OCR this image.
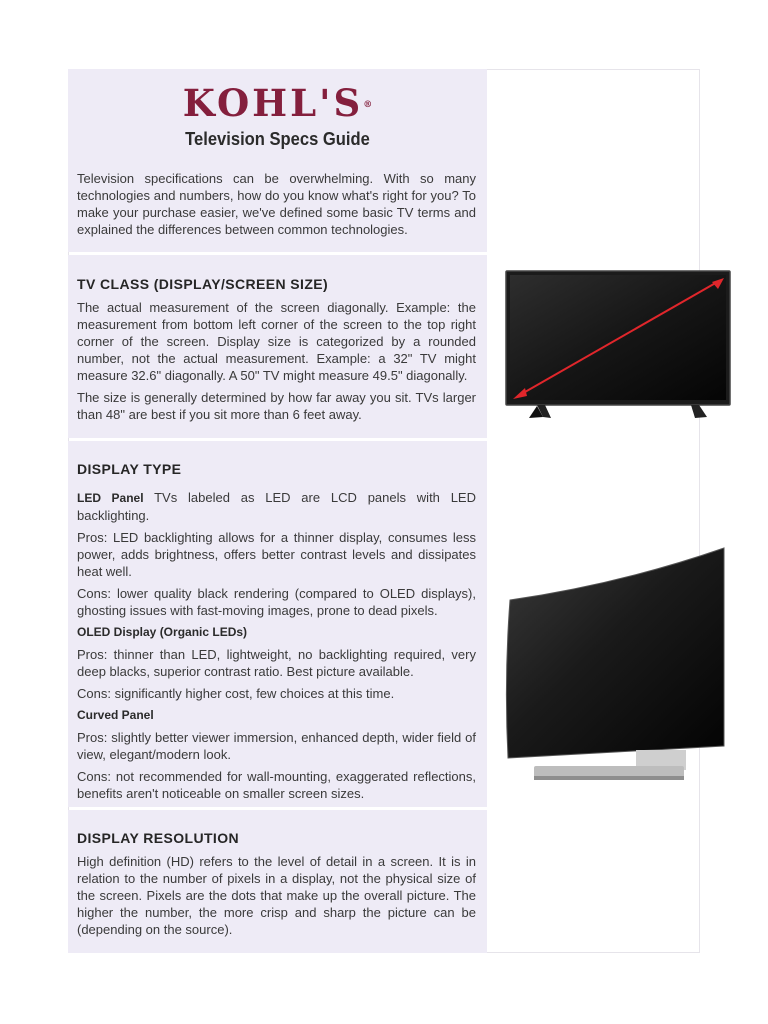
KOHL'S®
Television Specs Guide

Television specifications can be overwhelming. With so many technologies and numbers, how do you know what's right for you? To make your purchase easier, we've defined some basic TV terms and explained the differences between common technologies.

TV CLASS (DISPLAY/SCREEN SIZE)

The actual measurement of the screen diagonally. Example: the measurement from bottom left corner of the screen to the top right corner of the screen. Display size is categorized by a rounded number, not the actual measurement. Example: a 32" TV might measure 32.6" diagonally. A 50" TV might measure 49.5" diagonally.

The size is generally determined by how far away you sit. TVs larger than 48" are best if you sit more than 6 feet away.

DISPLAY TYPE

LED Panel TVs labeled as LED are LCD panels with LED backlighting.

Pros: LED backlighting allows for a thinner display, consumes less power, adds brightness, offers better contrast levels and dissipates heat well.

Cons: lower quality black rendering (compared to OLED displays), ghosting issues with fast-moving images, prone to dead pixels.

OLED Display (Organic LEDs)

Pros: thinner than LED, lightweight, no backlighting required, very deep blacks, superior contrast ratio. Best picture available.

Cons: significantly higher cost, few choices at this time.

Curved Panel

Pros: slightly better viewer immersion, enhanced depth, wider field of view, elegant/modern look.

Cons: not recommended for wall-mounting, exaggerated reflections, benefits aren't noticeable on smaller screen sizes.

DISPLAY RESOLUTION

High definition (HD) refers to the level of detail in a screen. It is in relation to the number of pixels in a display, not the physical size of the screen. Pixels are the dots that make up the overall picture. The higher the number, the more crisp and sharp the picture can be (depending on the source).
